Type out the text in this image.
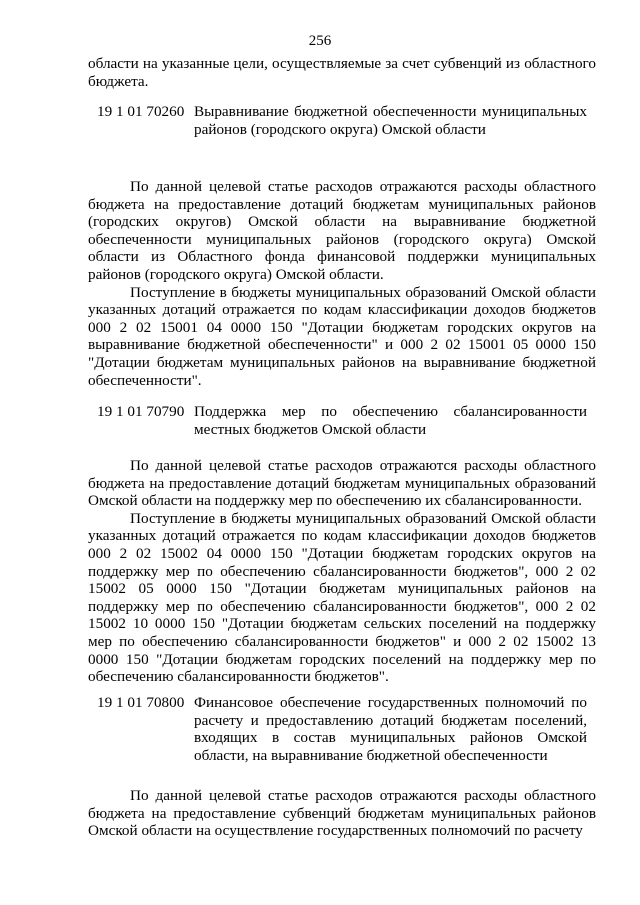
256

области на указанные цели, осуществляемые за счет субвенций из областного бюджета.

19 1 01 70260 Выравнивание бюджетной обеспеченности муниципальных районов (городского округа) Омской области

По данной целевой статье расходов отражаются расходы областного бюджета на предоставление дотаций бюджетам муниципальных районов (городских округов) Омской области на выравнивание бюджетной обеспеченности муниципальных районов (городского округа) Омской области из Областного фонда финансовой поддержки муниципальных районов (городского округа) Омской области.

Поступление в бюджеты муниципальных образований Омской области указанных дотаций отражается по кодам классификации доходов бюджетов 000 2 02 15001 04 0000 150 "Дотации бюджетам городских округов на выравнивание бюджетной обеспеченности" и 000 2 02 15001 05 0000 150 "Дотации бюджетам муниципальных районов на выравнивание бюджетной обеспеченности".

19 1 01 70790 Поддержка мер по обеспечению сбалансированности местных бюджетов Омской области

По данной целевой статье расходов отражаются расходы областного бюджета на предоставление дотаций бюджетам муниципальных образований Омской области на поддержку мер по обеспечению их сбалансированности.

Поступление в бюджеты муниципальных образований Омской области указанных дотаций отражается по кодам классификации доходов бюджетов 000 2 02 15002 04 0000 150 "Дотации бюджетам городских округов на поддержку мер по обеспечению сбалансированности бюджетов", 000 2 02 15002 05 0000 150 "Дотации бюджетам муниципальных районов на поддержку мер по обеспечению сбалансированности бюджетов", 000 2 02 15002 10 0000 150 "Дотации бюджетам сельских поселений на поддержку мер по обеспечению сбалансированности бюджетов" и 000 2 02 15002 13 0000 150 "Дотации бюджетам городских поселений на поддержку мер по обеспечению сбалансированности бюджетов".

19 1 01 70800 Финансовое обеспечение государственных полномочий по расчету и предоставлению дотаций бюджетам поселений, входящих в состав муниципальных районов Омской области, на выравнивание бюджетной обеспеченности

По данной целевой статье расходов отражаются расходы областного бюджета на предоставление субвенций бюджетам муниципальных районов Омской области на осуществление государственных полномочий по расчету
